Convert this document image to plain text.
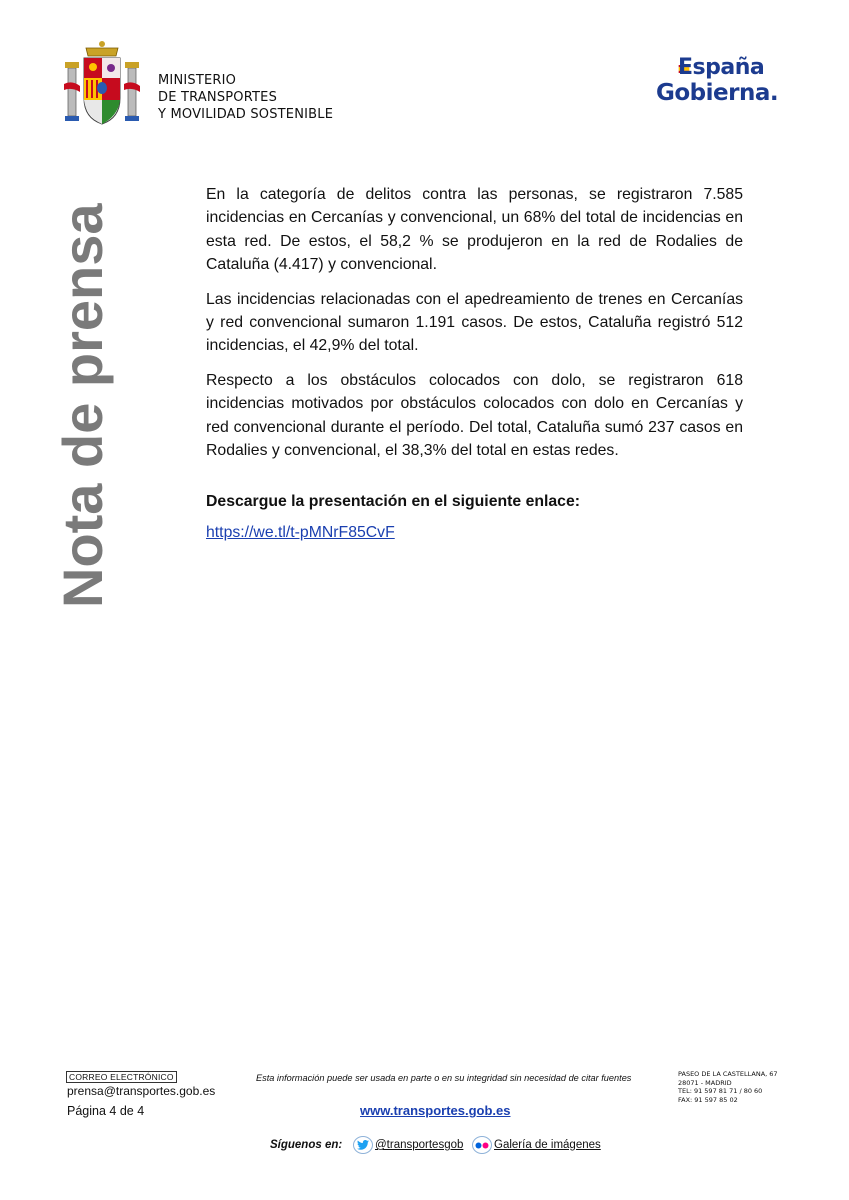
MINISTERIO
DE TRANSPORTES
Y MOVILIDAD SOSTENIBLE
España
Gobierna.
Nota de prensa

En la categoría de delitos contra las personas, se registraron 7.585 incidencias en Cercanías y convencional, un 68% del total de incidencias en esta red. De estos, el 58,2 % se produjeron en la red de Rodalies de Cataluña (4.417) y convencional.

Las incidencias relacionadas con el apedreamiento de trenes en Cercanías y red convencional sumaron 1.191 casos. De estos, Cataluña registró 512 incidencias, el 42,9% del total.

Respecto a los obstáculos colocados con dolo, se registraron 618 incidencias motivados por obstáculos colocados con dolo en Cercanías y red convencional durante el período. Del total, Cataluña sumó 237 casos en Rodalies y convencional, el 38,3% del total en estas redes.

Descargue la presentación en el siguiente enlace:
https://we.tl/t-pMNrF85CvF
CORREO ELECTRÓNICO
prensa@transportes.gob.es
Página 4 de 4
Esta información puede ser usada en parte o en su integridad sin necesidad de citar fuentes
www.transportes.gob.es
PASEO DE LA CASTELLANA, 67
28071 - MADRID
TEL: 91 597 81 71 / 80 60
FAX: 91 597 85 02
Síguenos en:	@transportesgob	Galería de imágenes
